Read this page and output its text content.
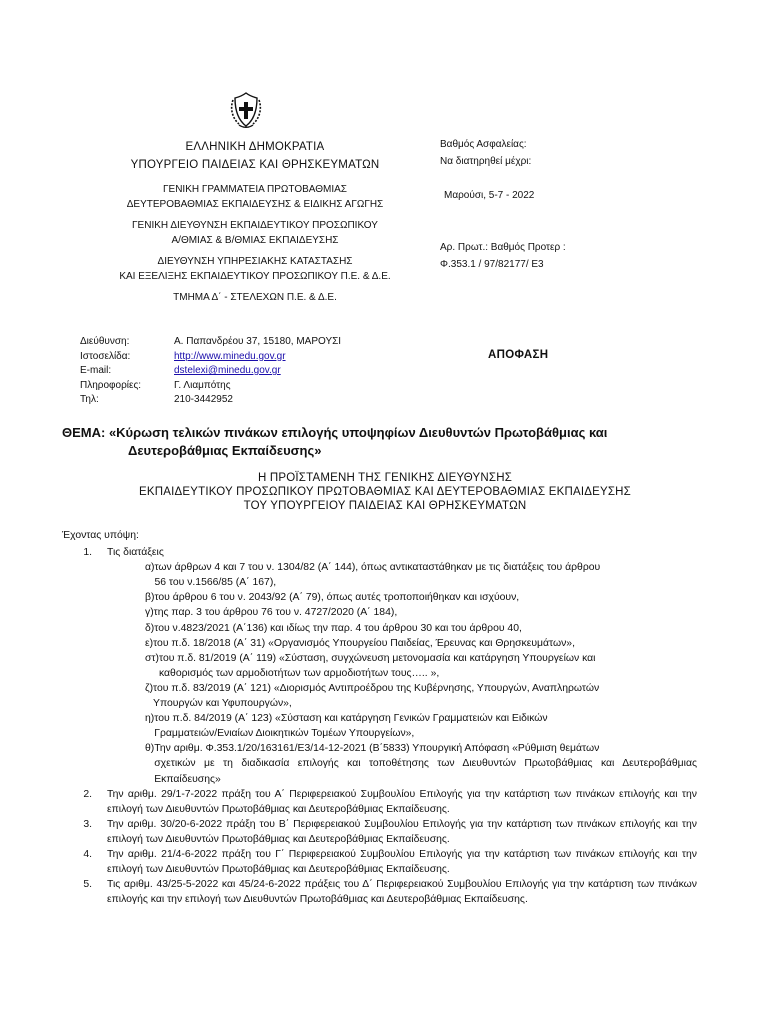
ΕΛΛΗΝΙΚΗ ΔΗΜΟΚΡΑΤΙΑ
ΥΠΟΥΡΓΕΙΟ ΠΑΙΔΕΙΑΣ ΚΑΙ ΘΡΗΣΚΕΥΜΑΤΩΝ
ΓΕΝΙΚΗ ΓΡΑΜΜΑΤΕΙΑ ΠΡΩΤΟΒΑΘΜΙΑΣ
ΔΕΥΤΕΡΟΒΑΘΜΙΑΣ ΕΚΠΑΙΔΕΥΣΗΣ & ΕΙΔΙΚΗΣ ΑΓΩΓΗΣ
ΓΕΝΙΚΗ ΔΙΕΥΘΥΝΣΗ ΕΚΠΑΙΔΕΥΤΙΚΟΥ ΠΡΟΣΩΠΙΚΟΥ
Α/ΘΜΙΑΣ & Β/ΘΜΙΑΣ ΕΚΠΑΙΔΕΥΣΗΣ
ΔΙΕΥΘΥΝΣΗ ΥΠΗΡΕΣΙΑΚΗΣ ΚΑΤΑΣΤΑΣΗΣ
ΚΑΙ ΕΞΕΛΙΞΗΣ ΕΚΠΑΙΔΕΥΤΙΚΟΥ ΠΡΟΣΩΠΙΚΟΥ Π.Ε. & Δ.Ε.
ΤΜΗΜΑ Δ΄ - ΣΤΕΛΕΧΩΝ Π.Ε. & Δ.Ε.
Βαθμός Ασφαλείας:
Να διατηρηθεί μέχρι:
Μαρούσι, 5-7 - 2022
Αρ. Πρωτ.: Βαθμός Προτερ :
Φ.353.1 / 97/82177/ Ε3
ΑΠΟΦΑΣΗ
Διεύθυνση:	Α. Παπανδρέου 37, 15180, ΜΑΡΟΥΣΙ
Ιστοσελίδα:	http://www.minedu.gov.gr
E-mail:	dstelexi@minedu.gov.gr
Πληροφορίες:	Γ. Λιαμπότης
Τηλ:	210-3442952
ΘΕΜΑ: «Κύρωση τελικών πινάκων επιλογής υποψηφίων Διευθυντών Πρωτοβάθμιας και
Δευτεροβάθμιας Εκπαίδευσης»
Η ΠΡΟΪΣΤΑΜΕΝΗ ΤΗΣ ΓΕΝΙΚΗΣ ΔΙΕΥΘΥΝΣΗΣ
ΕΚΠΑΙΔΕΥΤΙΚΟΥ ΠΡΟΣΩΠΙΚΟΥ ΠΡΩΤΟΒΑΘΜΙΑΣ ΚΑΙ ΔΕΥΤΕΡΟΒΑΘΜΙΑΣ ΕΚΠΑΙΔΕΥΣΗΣ
ΤΟΥ ΥΠΟΥΡΓΕΙΟΥ ΠΑΙΔΕΙΑΣ ΚΑΙ ΘΡΗΣΚΕΥΜΑΤΩΝ
Έχοντας υπόψη:
1.	Τις διατάξεις
α) των άρθρων 4 και 7 του ν. 1304/82 (Α΄ 144), όπως αντικαταστάθηκαν με τις διατάξεις του άρθρου
56 του ν.1566/85 (Α΄ 167),
β) του άρθρου 6 του ν. 2043/92 (Α΄ 79), όπως αυτές τροποποιήθηκαν και ισχύουν,
γ) της παρ. 3 του άρθρου 76 του ν. 4727/2020 (Α΄ 184),
δ) του ν.4823/2021 (Α΄136) και ιδίως την παρ. 4 του άρθρου 30 και του άρθρου 40,
ε) του π.δ. 18/2018 (Α΄ 31) «Οργανισμός Υπουργείου Παιδείας, Έρευνας και Θρησκευμάτων»,
στ) του π.δ. 81/2019 (Α΄ 119) «Σύσταση, συγχώνευση μετονομασία και κατάργηση Υπουργείων και
καθορισμός των αρμοδιοτήτων των αρμοδιοτήτων τους….. »,
ζ) του π.δ. 83/2019 (Α΄ 121) «Διορισμός Αντιπροέδρου της Κυβέρνησης, Υπουργών, Αναπληρωτών
Υπουργών και Υφυπουργών»,
η) του π.δ. 84/2019 (Α΄ 123) «Σύσταση και κατάργηση Γενικών Γραμματειών και Ειδικών
Γραμματειών/Ενιαίων Διοικητικών Τομέων Υπουργείων»,
θ) Την αριθμ. Φ.353.1/20/163161/Ε3/14-12-2021 (Β΄5833) Υπουργική Απόφαση «Ρύθμιση θεμάτων
σχετικών με τη διαδικασία επιλογής και τοποθέτησης των Διευθυντών Πρωτοβάθμιας και Δευτεροβάθμιας Εκπαίδευσης»
2.	Την αριθμ. 29/1-7-2022 πράξη του Α΄ Περιφερειακού Συμβουλίου Επιλογής για την κατάρτιση των πινάκων επιλογής και την επιλογή των Διευθυντών Πρωτοβάθμιας και Δευτεροβάθμιας Εκπαίδευσης.
3.	Την αριθμ. 30/20-6-2022 πράξη του Β΄ Περιφερειακού Συμβουλίου Επιλογής για την κατάρτιση των πινάκων επιλογής και την επιλογή των Διευθυντών Πρωτοβάθμιας και Δευτεροβάθμιας Εκπαίδευσης.
4.	Την αριθμ. 21/4-6-2022 πράξη του Γ΄ Περιφερειακού Συμβουλίου Επιλογής για την κατάρτιση των πινάκων επιλογής και την επιλογή των Διευθυντών Πρωτοβάθμιας και Δευτεροβάθμιας Εκπαίδευσης.
5.	Τις αριθμ. 43/25-5-2022 και 45/24-6-2022 πράξεις του Δ΄ Περιφερειακού Συμβουλίου Επιλογής για την κατάρτιση των πινάκων επιλογής και την επιλογή των Διευθυντών Πρωτοβάθμιας και Δευτεροβάθμιας Εκπαίδευσης.
